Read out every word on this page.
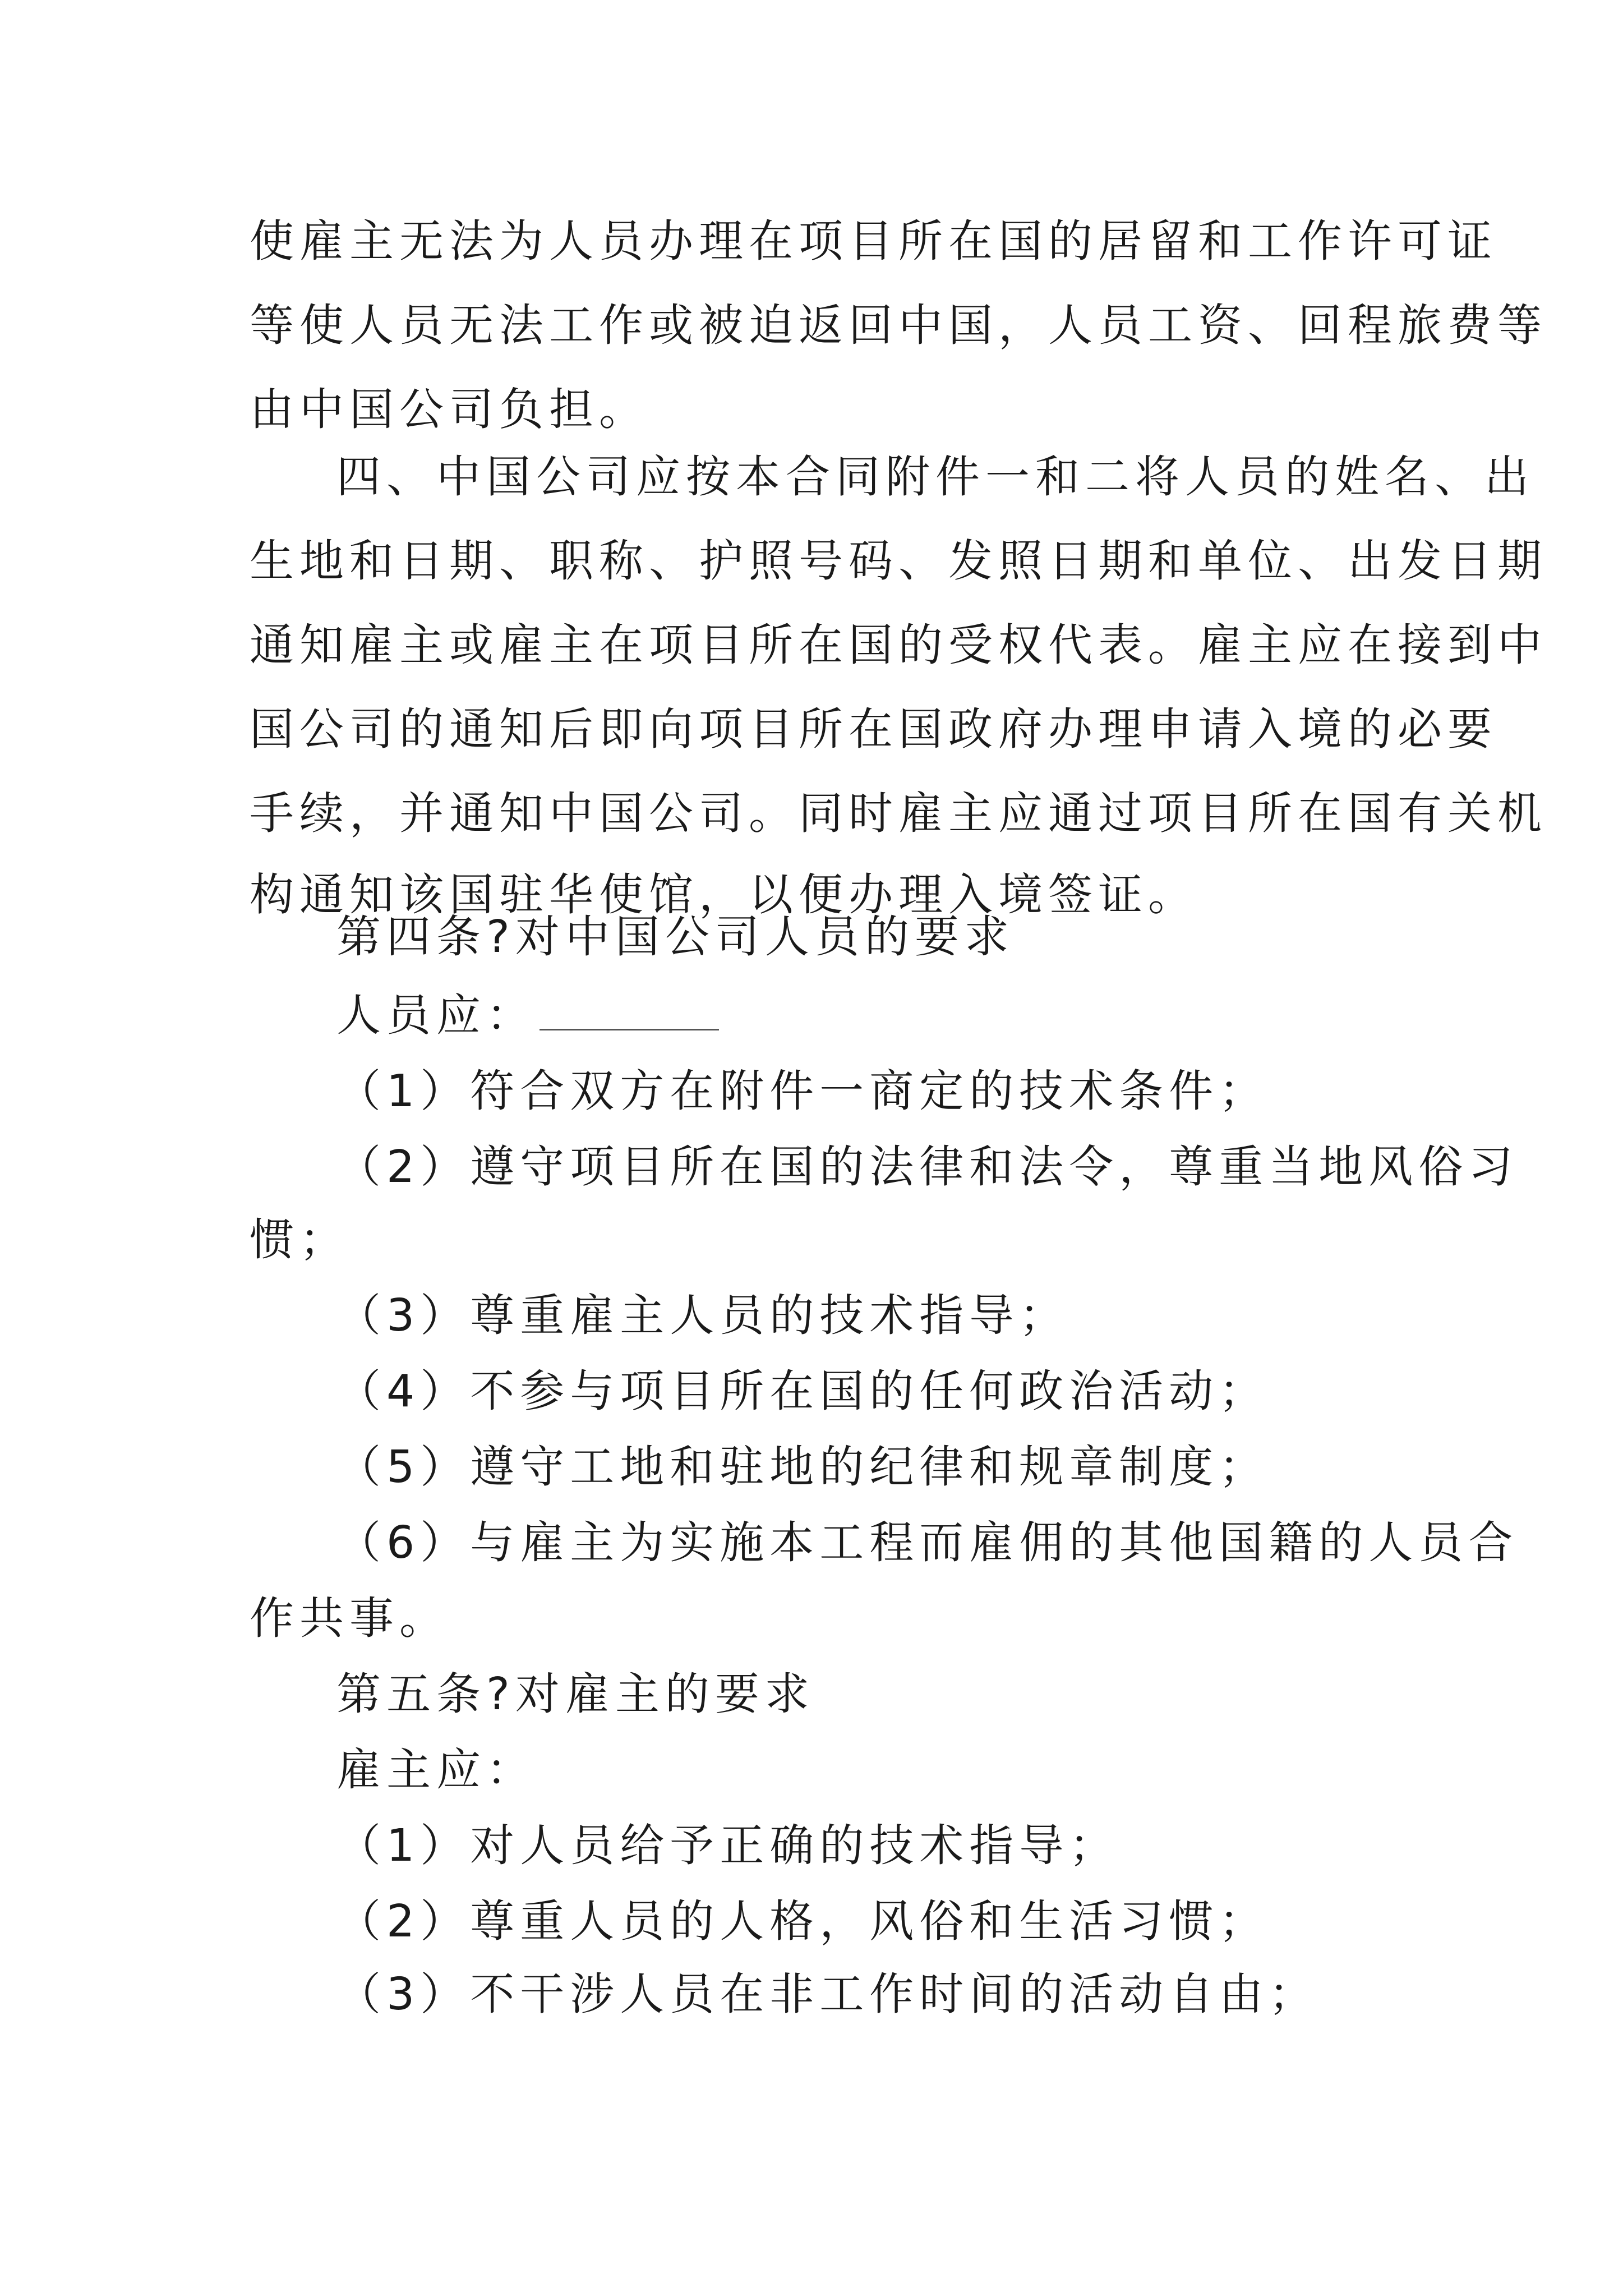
使雇主无法为人员办理在项目所在国的居留和工作许可证
等使人员无法工作或被迫返回中国，人员工资、回程旅费等
由中国公司负担。
四、中国公司应按本合同附件一和二将人员的姓名、出
生地和日期、职称、护照号码、发照日期和单位、出发日期
通知雇主或雇主在项目所在国的受权代表。雇主应在接到中
国公司的通知后即向项目所在国政府办理申请入境的必要
手续，并通知中国公司。同时雇主应通过项目所在国有关机
构通知该国驻华使馆，以便办理入境签证。
第四条?对中国公司人员的要求
人员应：
（1）符合双方在附件一商定的技术条件；
（2）遵守项目所在国的法律和法令，尊重当地风俗习
惯；
（3）尊重雇主人员的技术指导；
（4）不参与项目所在国的任何政治活动；
（5）遵守工地和驻地的纪律和规章制度；
（6）与雇主为实施本工程而雇佣的其他国籍的人员合
作共事。
第五条?对雇主的要求
雇主应：
（1）对人员给予正确的技术指导；
（2）尊重人员的人格，风俗和生活习惯；
（3）不干涉人员在非工作时间的活动自由；
